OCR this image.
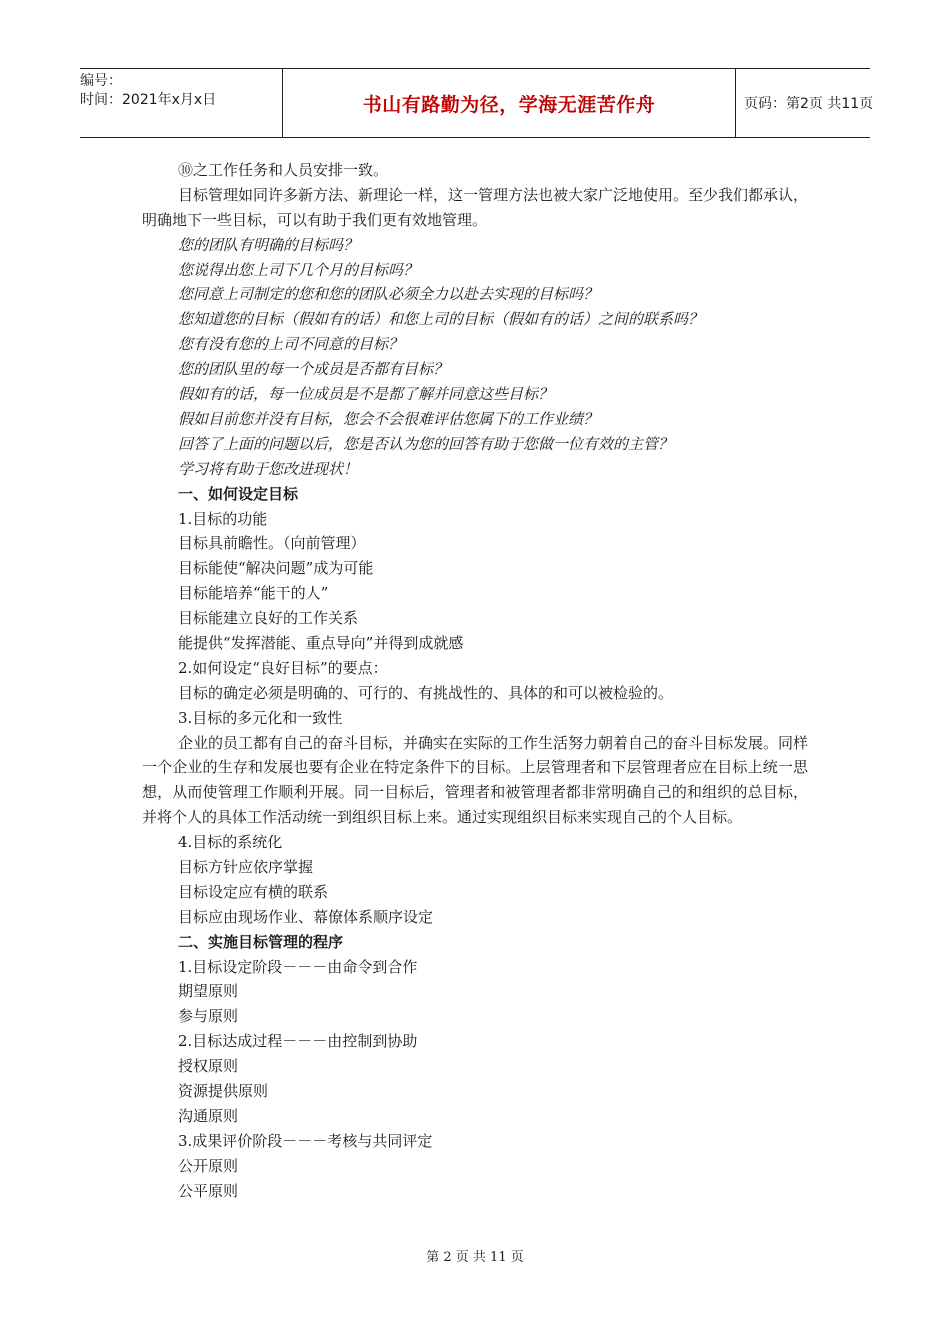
编号：
时间：2021年x月x日	书山有路勤为径，学海无涯苦作舟	页码：第2页 共11页
⑩之工作任务和人员安排一致。
目标管理如同许多新方法、新理论一样，这一管理方法也被大家广泛地使用。至少我们都承认，明确地下一些目标，可以有助于我们更有效地管理。
您的团队有明确的目标吗？
您说得出您上司下几个月的目标吗？
您同意上司制定的您和您的团队必须全力以赴去实现的目标吗？
您知道您的目标（假如有的话）和您上司的目标（假如有的话）之间的联系吗？
您有没有您的上司不同意的目标？
您的团队里的每一个成员是否都有目标？
假如有的话，每一位成员是不是都了解并同意这些目标？
假如目前您并没有目标，您会不会很难评估您属下的工作业绩？
回答了上面的问题以后，您是否认为您的回答有助于您做一位有效的主管？
学习将有助于您改进现状！
一、如何设定目标
1.目标的功能
目标具前瞻性。（向前管理）
目标能使“解决问题”成为可能
目标能培养“能干的人”
目标能建立良好的工作关系
能提供“发挥潜能、重点导向”并得到成就感
2.如何设定“良好目标”的要点：
目标的确定必须是明确的、可行的、有挑战性的、具体的和可以被检验的。
3.目标的多元化和一致性
企业的员工都有自己的奋斗目标，并确实在实际的工作生活努力朝着自己的奋斗目标发展。同样一个企业的生存和发展也要有企业在特定条件下的目标。上层管理者和下层管理者应在目标上统一思想，从而使管理工作顺利开展。同一目标后，管理者和被管理者都非常明确自己的和组织的总目标，并将个人的具体工作活动统一到组织目标上来。通过实现组织目标来实现自己的个人目标。
4.目标的系统化
目标方针应依序掌握
目标设定应有横的联系
目标应由现场作业、幕僚体系顺序设定
二、实施目标管理的程序
1.目标设定阶段－－－由命令到合作
期望原则
参与原则
2.目标达成过程－－－由控制到协助
授权原则
资源提供原则
沟通原则
3.成果评价阶段－－－考核与共同评定
公开原则
公平原则
第 2 页 共 11 页
